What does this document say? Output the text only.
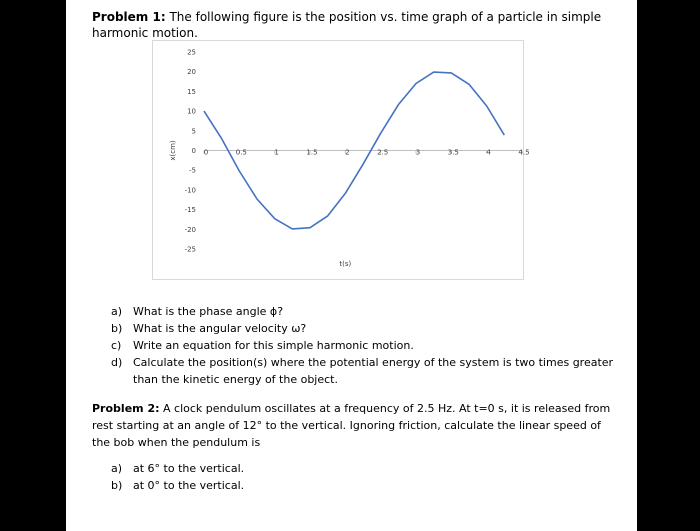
Problem 1: The following figure is the position vs. time graph of a particle in simple harmonic motion.
25
20
15
10
5
0
-5
-10
-15
-20
-25
0	0.5	1	1.5	2	2.5	3	3.5	4	4.5
t(s)
x(cm)
a) What is the phase angle ϕ?
b) What is the angular velocity ω?
c) Write an equation for this simple harmonic motion.
d) Calculate the position(s) where the potential energy of the system is two times greater than the kinetic energy of the object.
Problem 2: A clock pendulum oscillates at a frequency of 2.5 Hz. At t=0 s, it is released from rest starting at an angle of 12° to the vertical. Ignoring friction, calculate the linear speed of the bob when the pendulum is
a) at 6° to the vertical.
b) at 0° to the vertical.
